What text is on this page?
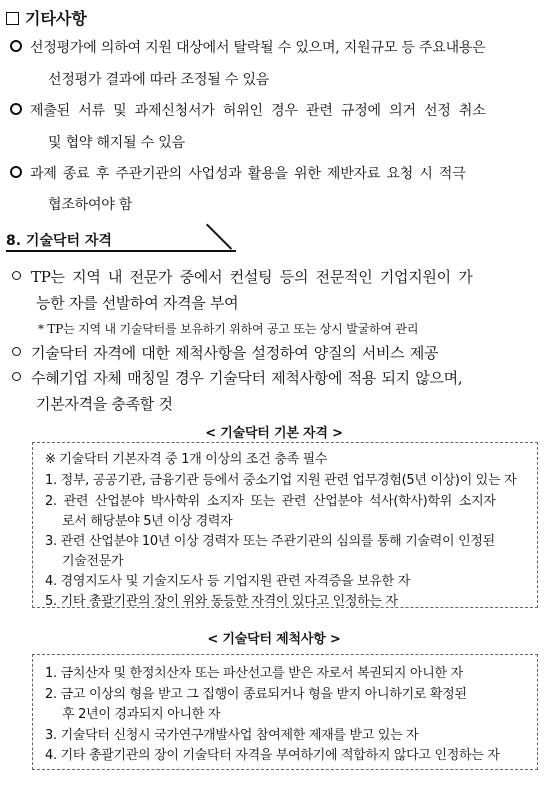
기타사항
선정평가에 의하여 지원 대상에서 탈락될 수 있으며, 지원규모 등 주요내용은
선정평가 결과에 따라 조정될 수 있음
제출된 서류 및 과제신청서가 허위인 경우 관련 규정에 의거 선정 취소
및 협약 해지될 수 있음
과제 종료 후 주관기관의 사업성과 활용을 위한 제반자료 요청 시 적극
협조하여야 함
8. 기술닥터 자격
TP는 지역 내 전문가 중에서 컨설팅 등의 전문적인 기업지원이 가
능한 자를 선발하여 자격을 부여
* TP는 지역 내 기술닥터를 보유하기 위하여 공고 또는 상시 발굴하여 관리
기술닥터 자격에 대한 제척사항을 설정하여 양질의 서비스 제공
수혜기업 자체 매칭일 경우 기술닥터 제척사항에 적용 되지 않으며,
기본자격을 충족할 것
< 기술닥터 기본 자격 >
※ 기술닥터 기본자격 중 1개 이상의 조건 충족 필수
1. 정부, 공공기관, 금융기관 등에서 중소기업 지원 관련 업무경험(5년 이상)이 있는 자
2. 관련 산업분야 박사학위 소지자 또는 관련 산업분야 석사(학사)학위 소지자
로서 해당분야 5년 이상 경력자
3. 관련 산업분야 10년 이상 경력자 또는 주관기관의 심의를 통해 기술력이 인정된
기술전문가
4. 경영지도사 및 기술지도사 등 기업지원 관련 자격증을 보유한 자
5. 기타 총괄기관의 장이 위와 동등한 자격이 있다고 인정하는 자
< 기술닥터 제척사항 >
1. 금치산자 및 한정치산자 또는 파산선고를 받은 자로서 복권되지 아니한 자
2. 금고 이상의 형을 받고 그 집행이 종료되거나 형을 받지 아니하기로 확정된
후 2년이 경과되지 아니한 자
3. 기술닥터 신청시 국가연구개발사업 참여제한 제재를 받고 있는 자
4. 기타 총괄기관의 장이 기술닥터 자격을 부여하기에 적합하지 않다고 인정하는 자
